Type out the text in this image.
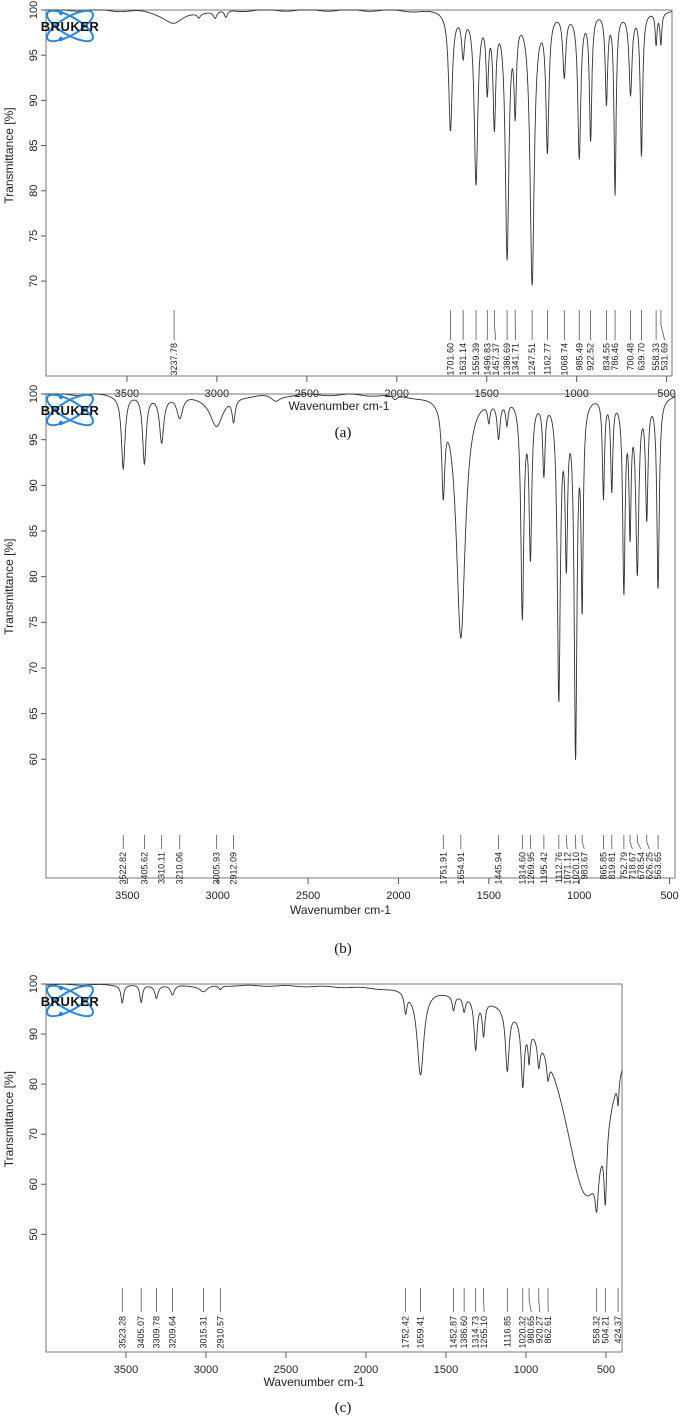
3500	3000	2500	2000	1500	1000	500
70
75
80
85
90
95
100
Transmittance [%]
Wavenumber cm-1
(a)
3237.78	1701.60 1631.14 1559.39 1496.83
1457.37 1386.69
1341.71 1247.51 1162.77 1068.74 985.49 922.52 834.55
786.46 700.48 639.70 558.33
531.69
BRUKER
3500	3000	2500	2000	1500	1000	500
60
65
70
75
80
85
90
95
100
Transmittance [%]
Wavenumber cm-1
(b)
3522.82 3405.62 3310.11 3210.06	3005.93 2912.09	1751.91 1654.91	1445.94 1314.60
1269.95 1195.42 1112.76
1071.12
1020.10
983.67 865.85
819.81 752.79
718.67
678.54
626.25
563.65
BRUKER
3500	3000	2500	2000	1500	1000	500
50
60
70
80
90
100
Transmittance [%]
Wavenumber cm-1
(c)
3523.28 3405.07 3309.78 3209.64 3015.31 2910.57	1752.42 1659.41	1452.87 1386.60 1314.73
1265.10 1116.85 1020.32
980.65
920.27
862.61	558.32
504.21 424.37
BRUKER
